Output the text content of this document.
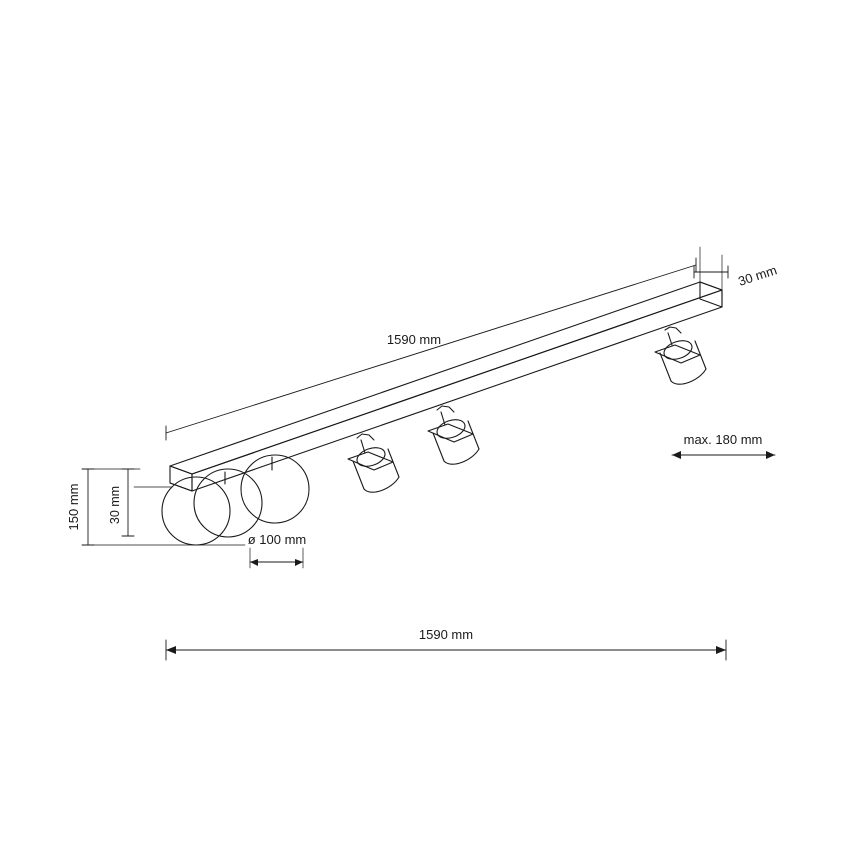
1590 mm
30 mm
max. 180 mm
150 mm 30 mm
ø 100 mm
1590 mm
